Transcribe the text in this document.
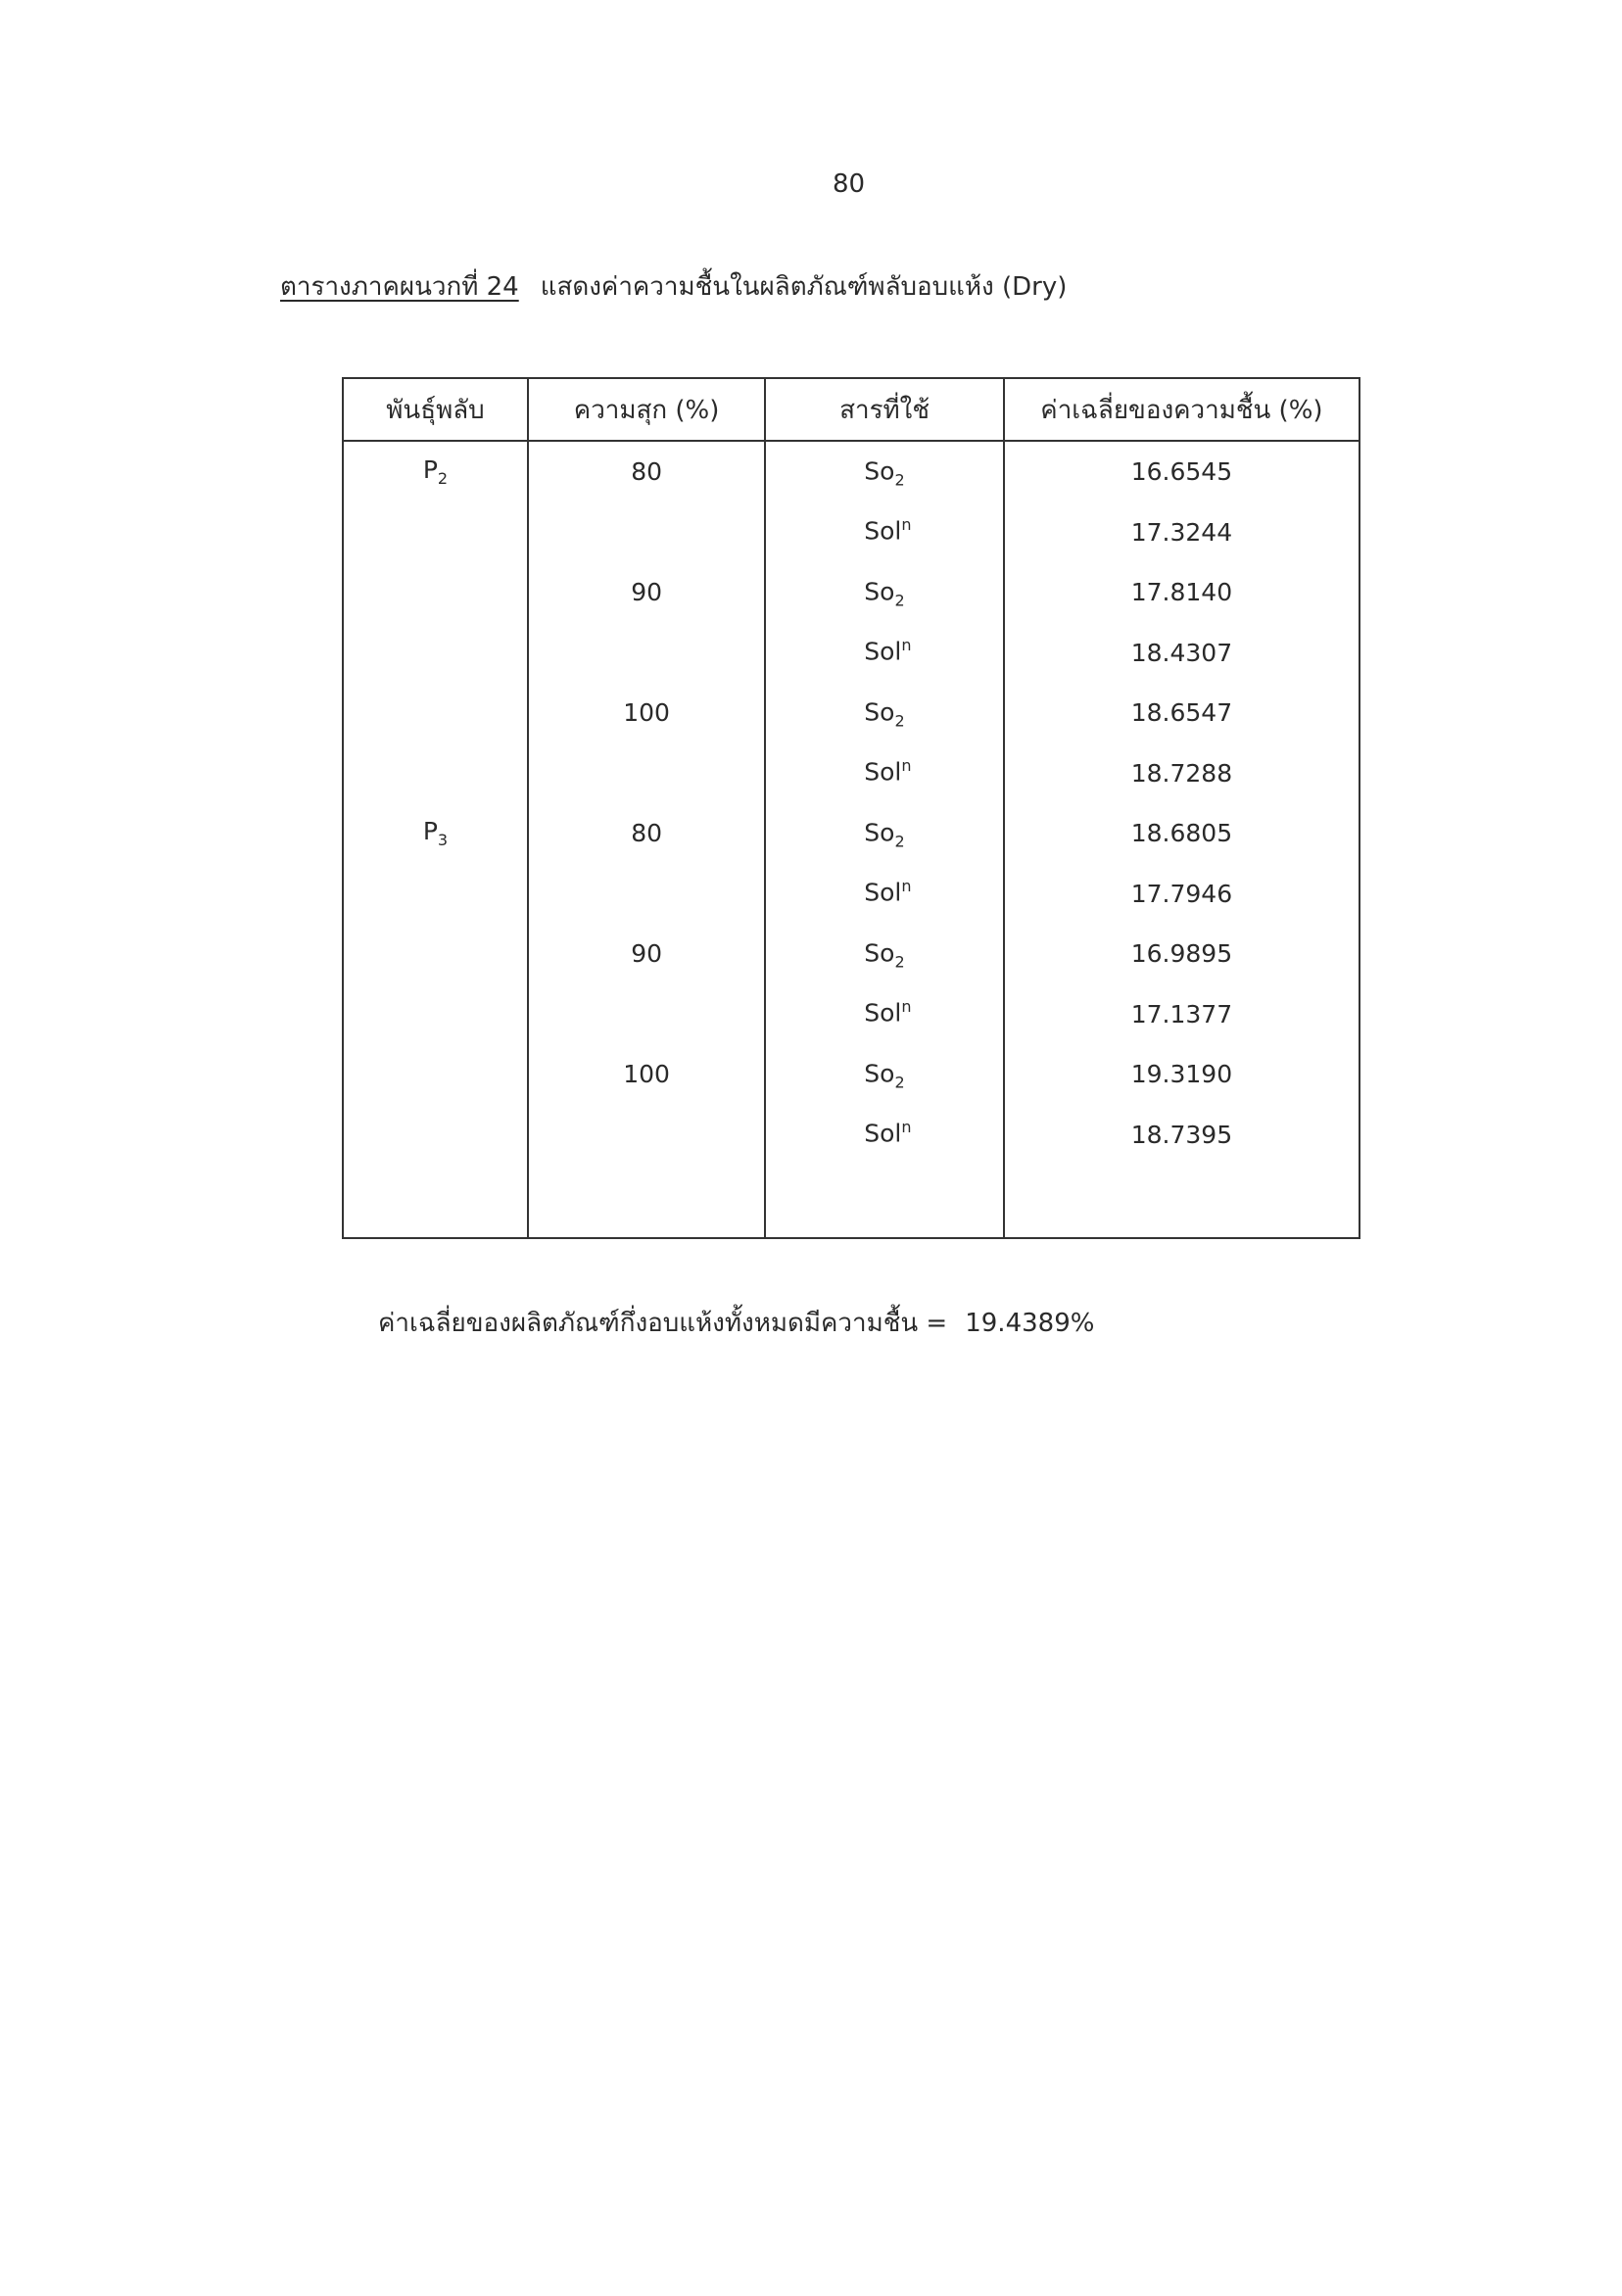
80
ตารางภาคผนวกที่ 24 แสดงค่าความชื้นในผลิตภัณฑ์พลับอบแห้ง (Dry)
พันธุ์พลับ	ความสุก (%)	สารที่ใช้	ค่าเฉลี่ยของความชื้น (%)
$P_2$	80	$So_2$	16.6545
		Sol$^n$	17.3244
	90	$So_2$	17.8140
		Sol$^n$	18.4307
	100	$So_2$	18.6547
		Sol$^n$	18.7288
$P_3$	80	$So_2$	18.6805
		Sol$^n$	17.7946
	90	$So_2$	16.9895
		Sol$^n$	17.1377
	100	$So_2$	19.3190
		Sol$^n$	18.7395

ค่าเฉลี่ยของผลิตภัณฑ์กึ่งอบแห้งทั้งหมดมีความชื้น = 19.4389%
